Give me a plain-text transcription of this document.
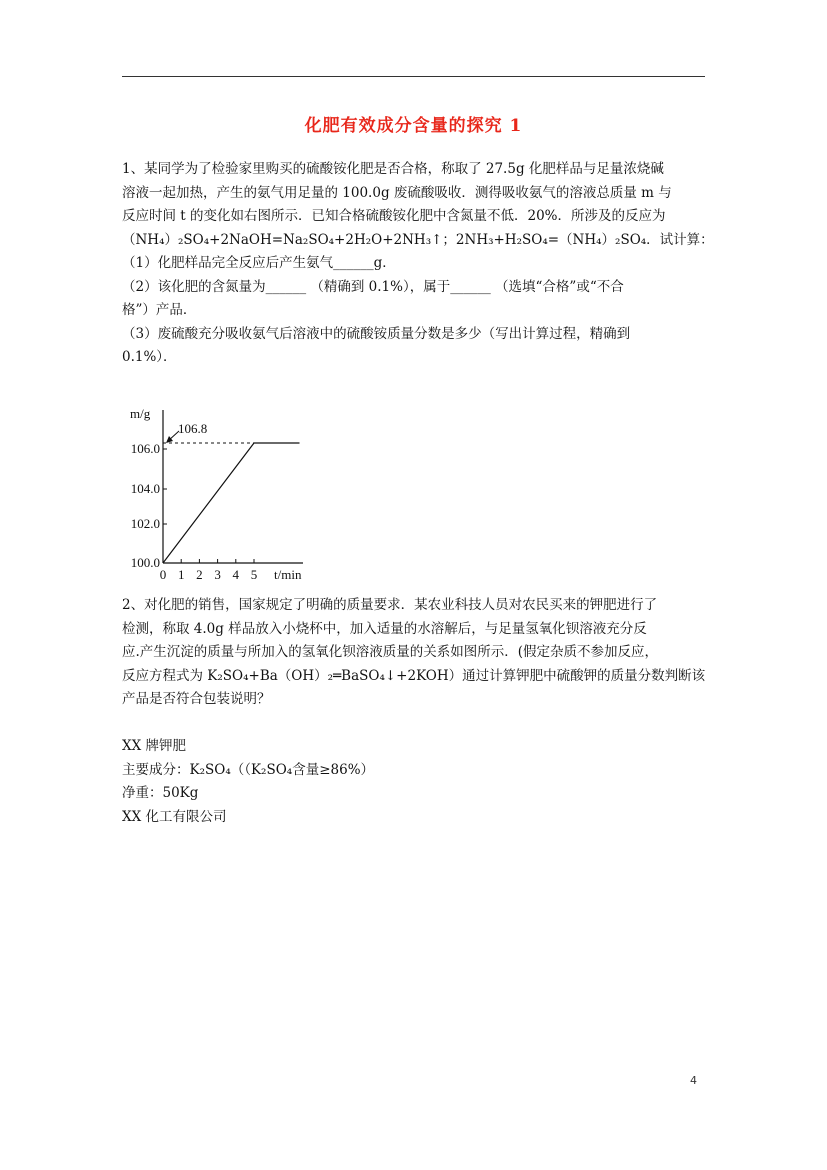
化肥有效成分含量的探究 1

1、某同学为了检验家里购买的硫酸铵化肥是否合格，称取了 27.5g 化肥样品与足量浓烧碱

溶液一起加热，产生的氨气用足量的 100.0g 废硫酸吸收．测得吸收氨气的溶液总质量 m 与

反应时间 t 的变化如右图所示．已知合格硫酸铵化肥中含氮量不低．20%．所涉及的反应为

（NH₄）₂SO₄+2NaOH=Na₂SO₄+2H₂O+2NH₃↑；2NH₃+H₂SO₄=（NH₄）₂SO₄．试计算：

（1）化肥样品完全反应后产生氨气______g．

（2）该化肥的含氮量为______ （精确到 0.1%），属于______ （选填“合格”或“不合

格”）产品．

（3）废硫酸充分吸收氨气后溶液中的硫酸铵质量分数是多少（写出计算过程，精确到

0.1%）．

m/g
t/min
100.0
102.0
104.0
106.0
0 1 2 3 4 5
106.8

2、对化肥的销售，国家规定了明确的质量要求．某农业科技人员对农民买来的钾肥进行了

检测，称取 4.0g 样品放入小烧杯中，加入适量的水溶解后，与足量氢氧化钡溶液充分反

应.产生沉淀的质量与所加入的氢氧化钡溶液质量的关系如图所示．(假定杂质不参加反应，

反应方程式为 K₂SO₄+Ba（OH）₂═BaSO₄↓+2KOH）通过计算钾肥中硫酸钾的质量分数判断该

产品是否符合包装说明？

XX 牌钾肥

主要成分：K₂SO₄（（K₂SO₄含量≥86%）

净重：50Kg

XX 化工有限公司

4
